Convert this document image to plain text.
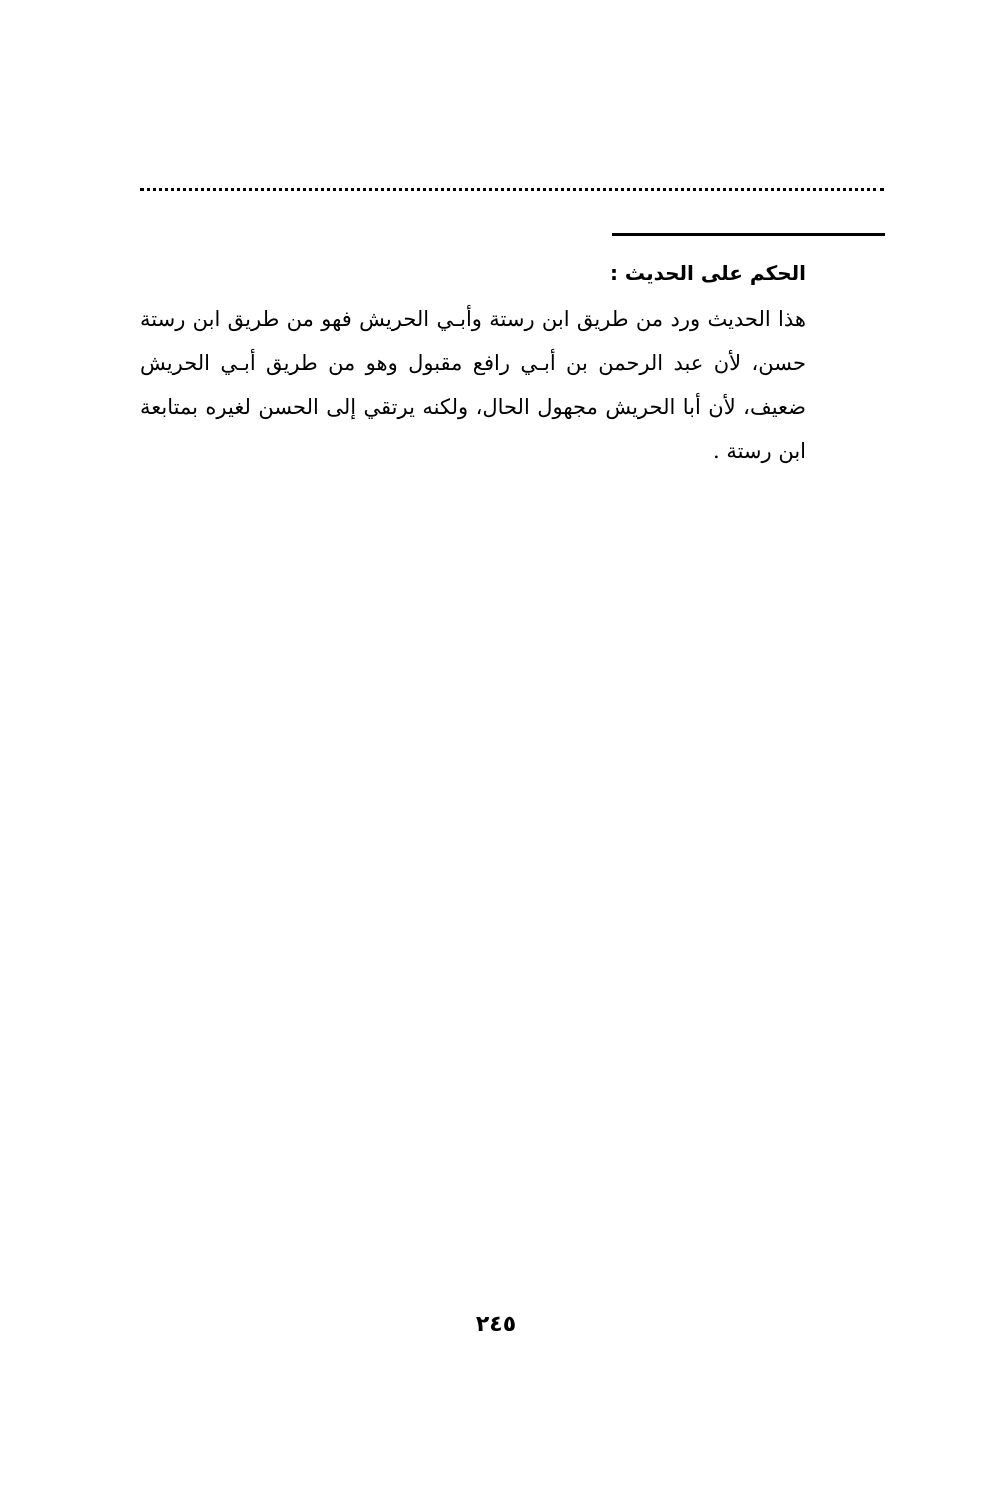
الحكم على الحديث :

هذا الحديث ورد من طريق ابن رستة وأبـي الحريش فهو من طريق ابن رستة حسن، لأن عبد الرحمن بن أبـي رافع مقبول وهو من طريق أبـي الحريش ضعيف، لأن أبا الحريش مجهول الحال، ولكنه يرتقي إلى الحسن لغيره بمتابعة ابن رستة .

٢٤٥
